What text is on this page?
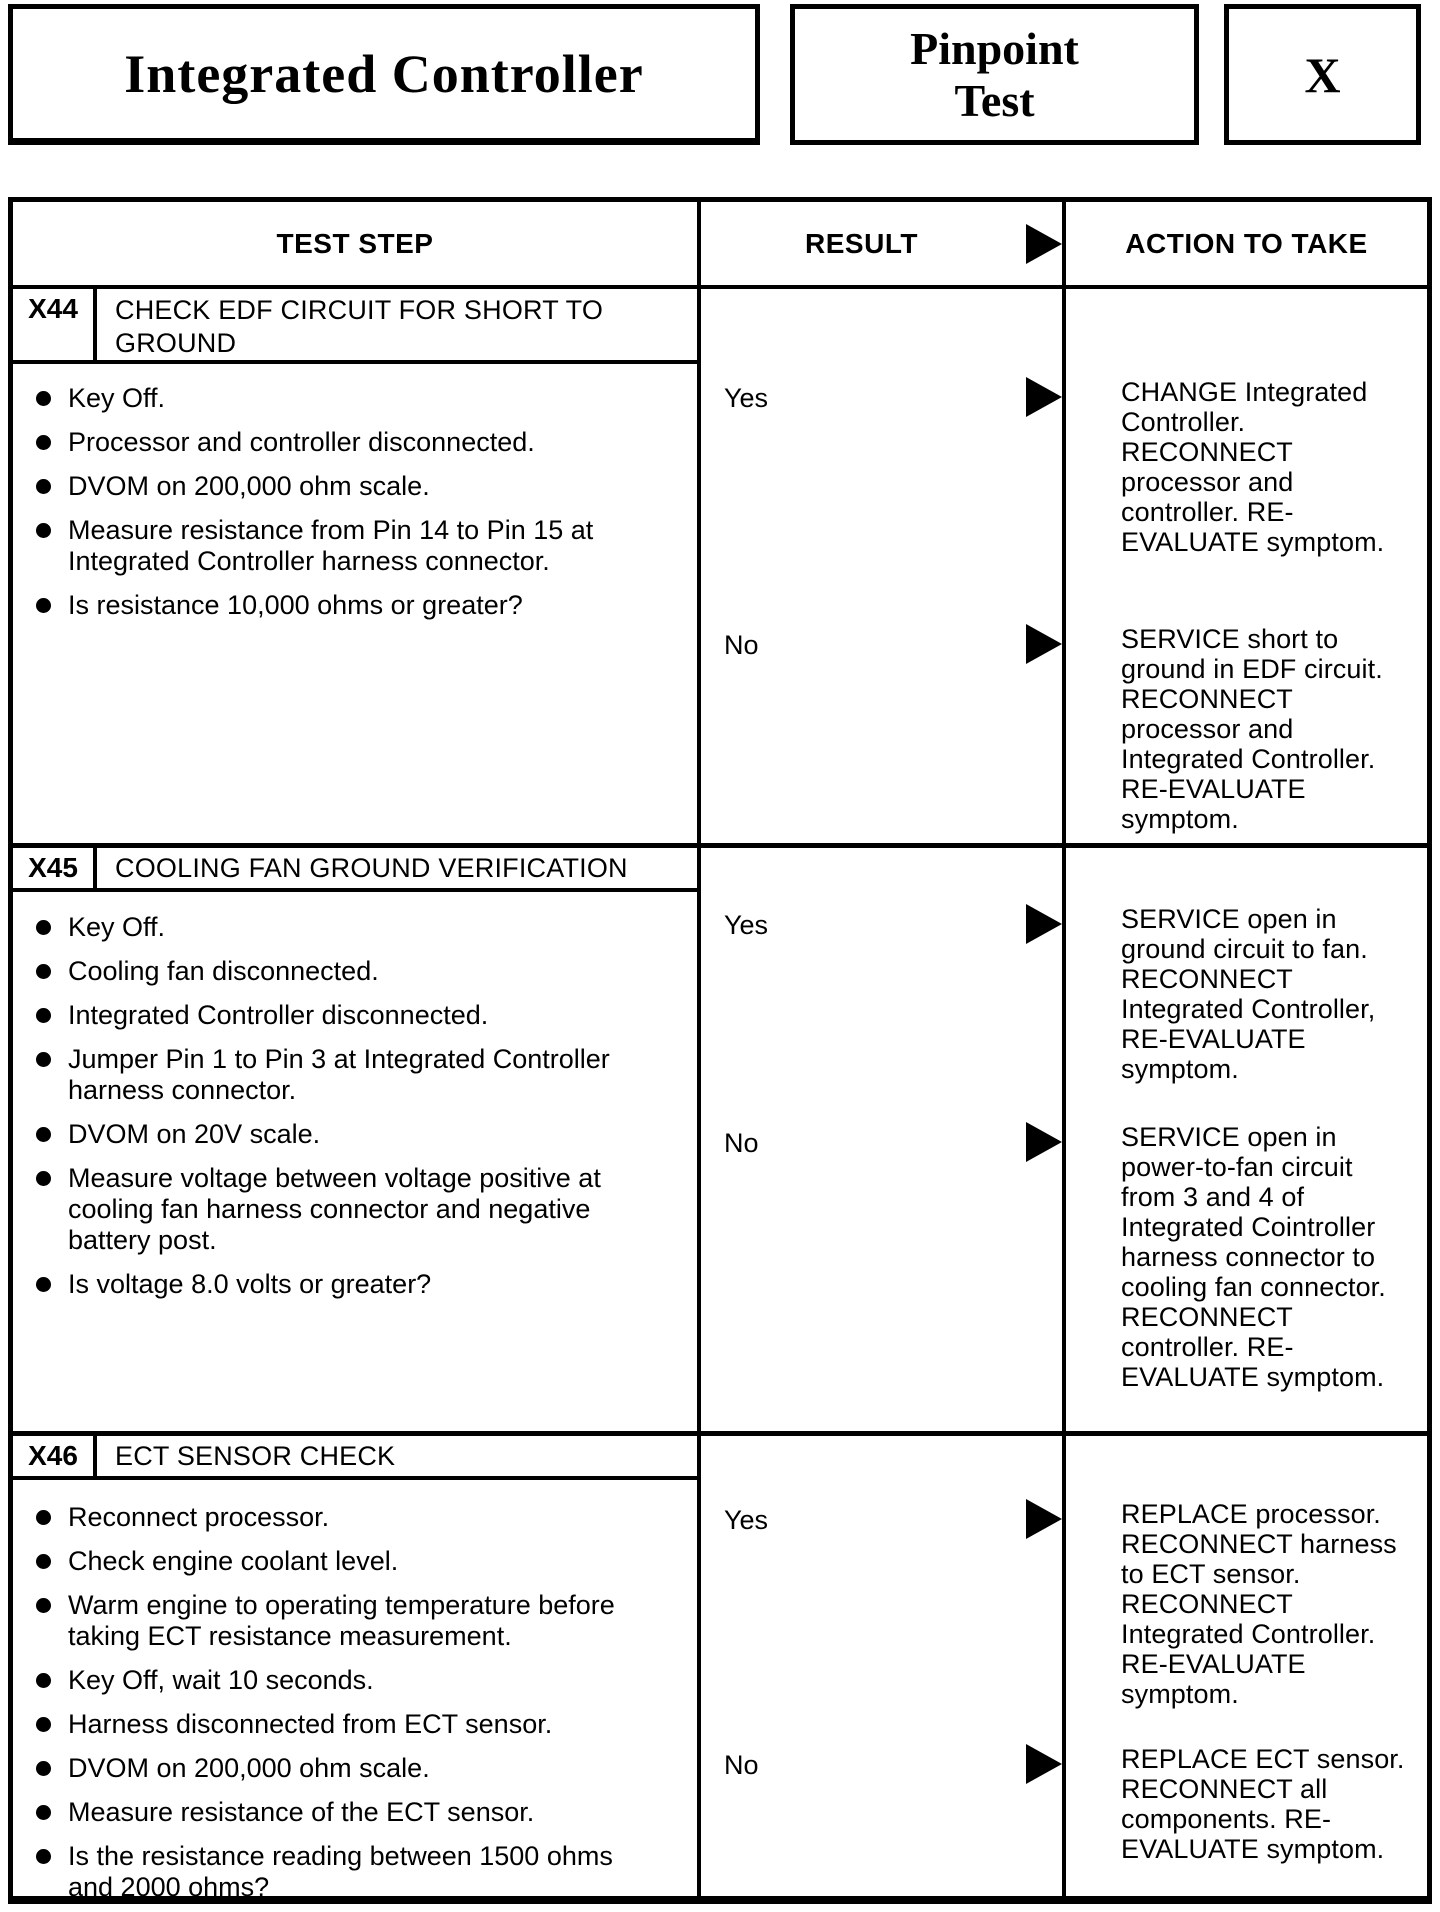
Integrated Controller	Pinpoint
Test	X
TEST STEP	RESULT	ACTION TO TAKE
X44	CHECK EDF CIRCUIT FOR SHORT TO GROUND
Key Off.
Processor and controller disconnected.
DVOM on 200,000 ohm scale.
Measure resistance from Pin 14 to Pin 15 at Integrated Controller harness connector.
Is resistance 10,000 ohms or greater?
Yes	CHANGE Integrated Controller. RECONNECT processor and controller. RE-EVALUATE symptom.
No	SERVICE short to ground in EDF circuit. RECONNECT processor and Integrated Controller. RE-EVALUATE symptom.
X45	COOLING FAN GROUND VERIFICATION
Key Off.
Cooling fan disconnected.
Integrated Controller disconnected.
Jumper Pin 1 to Pin 3 at Integrated Controller harness connector.
DVOM on 20V scale.
Measure voltage between voltage positive at cooling fan harness connector and negative battery post.
Is voltage 8.0 volts or greater?
Yes	SERVICE open in ground circuit to fan. RECONNECT Integrated Controller, RE-EVALUATE symptom.
No	SERVICE open in power-to-fan circuit from 3 and 4 of Integrated Cointroller harness connector to cooling fan connector. RECONNECT controller. RE-EVALUATE symptom.
X46	ECT SENSOR CHECK
Reconnect processor.
Check engine coolant level.
Warm engine to operating temperature before taking ECT resistance measurement.
Key Off, wait 10 seconds.
Harness disconnected from ECT sensor.
DVOM on 200,000 ohm scale.
Measure resistance of the ECT sensor.
Is the resistance reading between 1500 ohms and 2000 ohms?
Yes	REPLACE processor. RECONNECT harness to ECT sensor. RECONNECT Integrated Controller. RE-EVALUATE symptom.
No	REPLACE ECT sensor. RECONNECT all components. RE-EVALUATE symptom.
